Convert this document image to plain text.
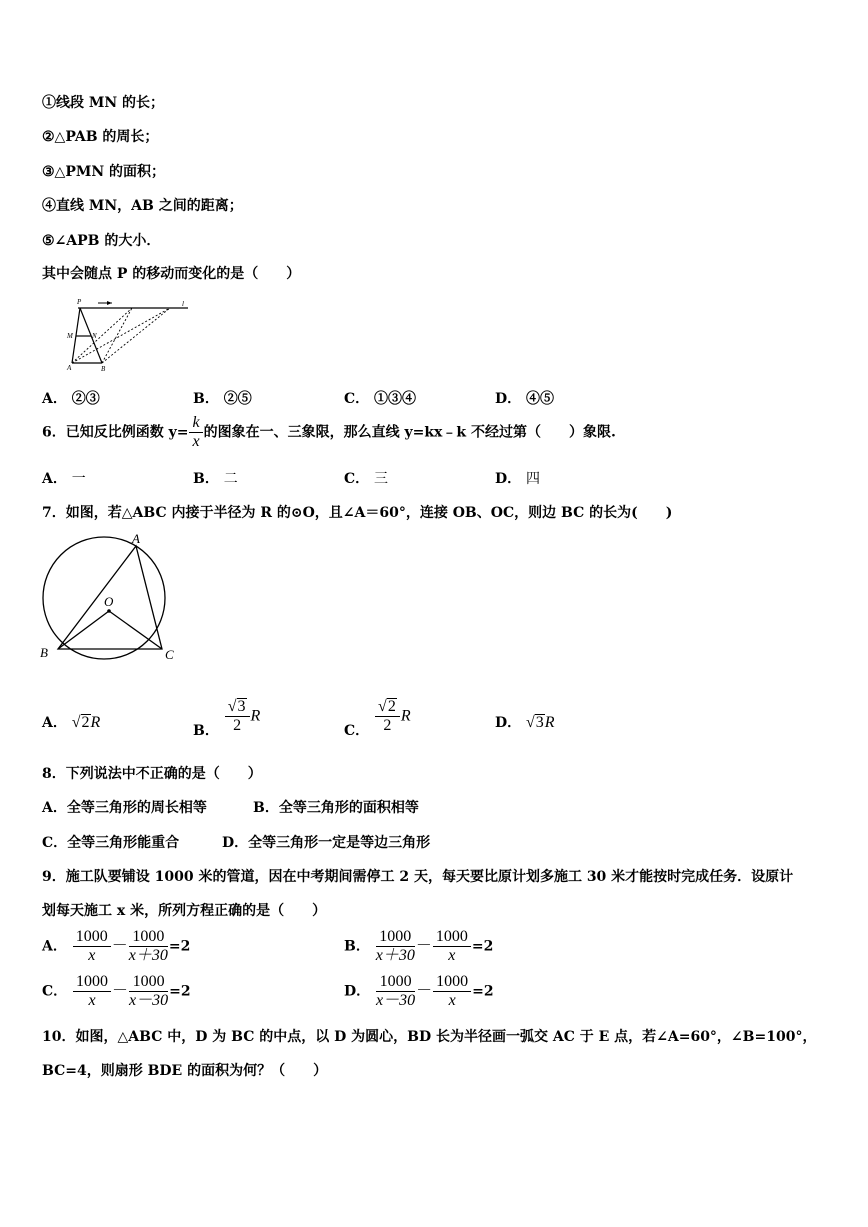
①线段 MN 的长；
②△PAB 的周长；
③△PMN 的面积；
④直线 MN，AB 之间的距离；
⑤∠APB 的大小．
其中会随点 P 的移动而变化的是（　　）
P	l
M	N
A	B
A． ②③	B． ②⑤	C． ①③④	D． ④⑤
6．已知反比例函数 $y= \frac{k}{x}$ 的图象在一、三象限，那么直线 y=kx﹣k 不经过第（　　）象限.
A． 一	B． 二	C． 三	D． 四
7．如图，若△ABC 内接于半径为 R 的⊙O，且∠A＝60°，连接 OB、OC，则边 BC 的长为(　　)
A
B	C
O
A． √2R	B． $\frac{√3}{2}$ R
C． $\frac{√2}{2}$ R	D． √3R
8．下列说法中不正确的是（　　）
A．全等三角形的周长相等	B．全等三角形的面积相等
C．全等三角形能重合	D．全等三角形一定是等边三角形
9．施工队要铺设 1000 米的管道，因在中考期间需停工 2 天，每天要比原计划多施工 30 米才能按时完成任务．设原计
划每天施工 x 米，所列方程正确的是（　　）
A． $\frac{1000}{x} - \frac{1000}{x+30} =2$	B． $\frac{1000}{x+30} - \frac{1000}{x} =2$
C． $\frac{1000}{x} - \frac{1000}{x-30} =2$	D． $\frac{1000}{x-30} - \frac{1000}{x} =2$
10．如图，△ABC 中，D 为 BC 的中点，以 D 为圆心，BD 长为半径画一弧交 AC 于 E 点，若∠A=60°，∠B=100°，
BC=4，则扇形 BDE 的面积为何？（　　）
